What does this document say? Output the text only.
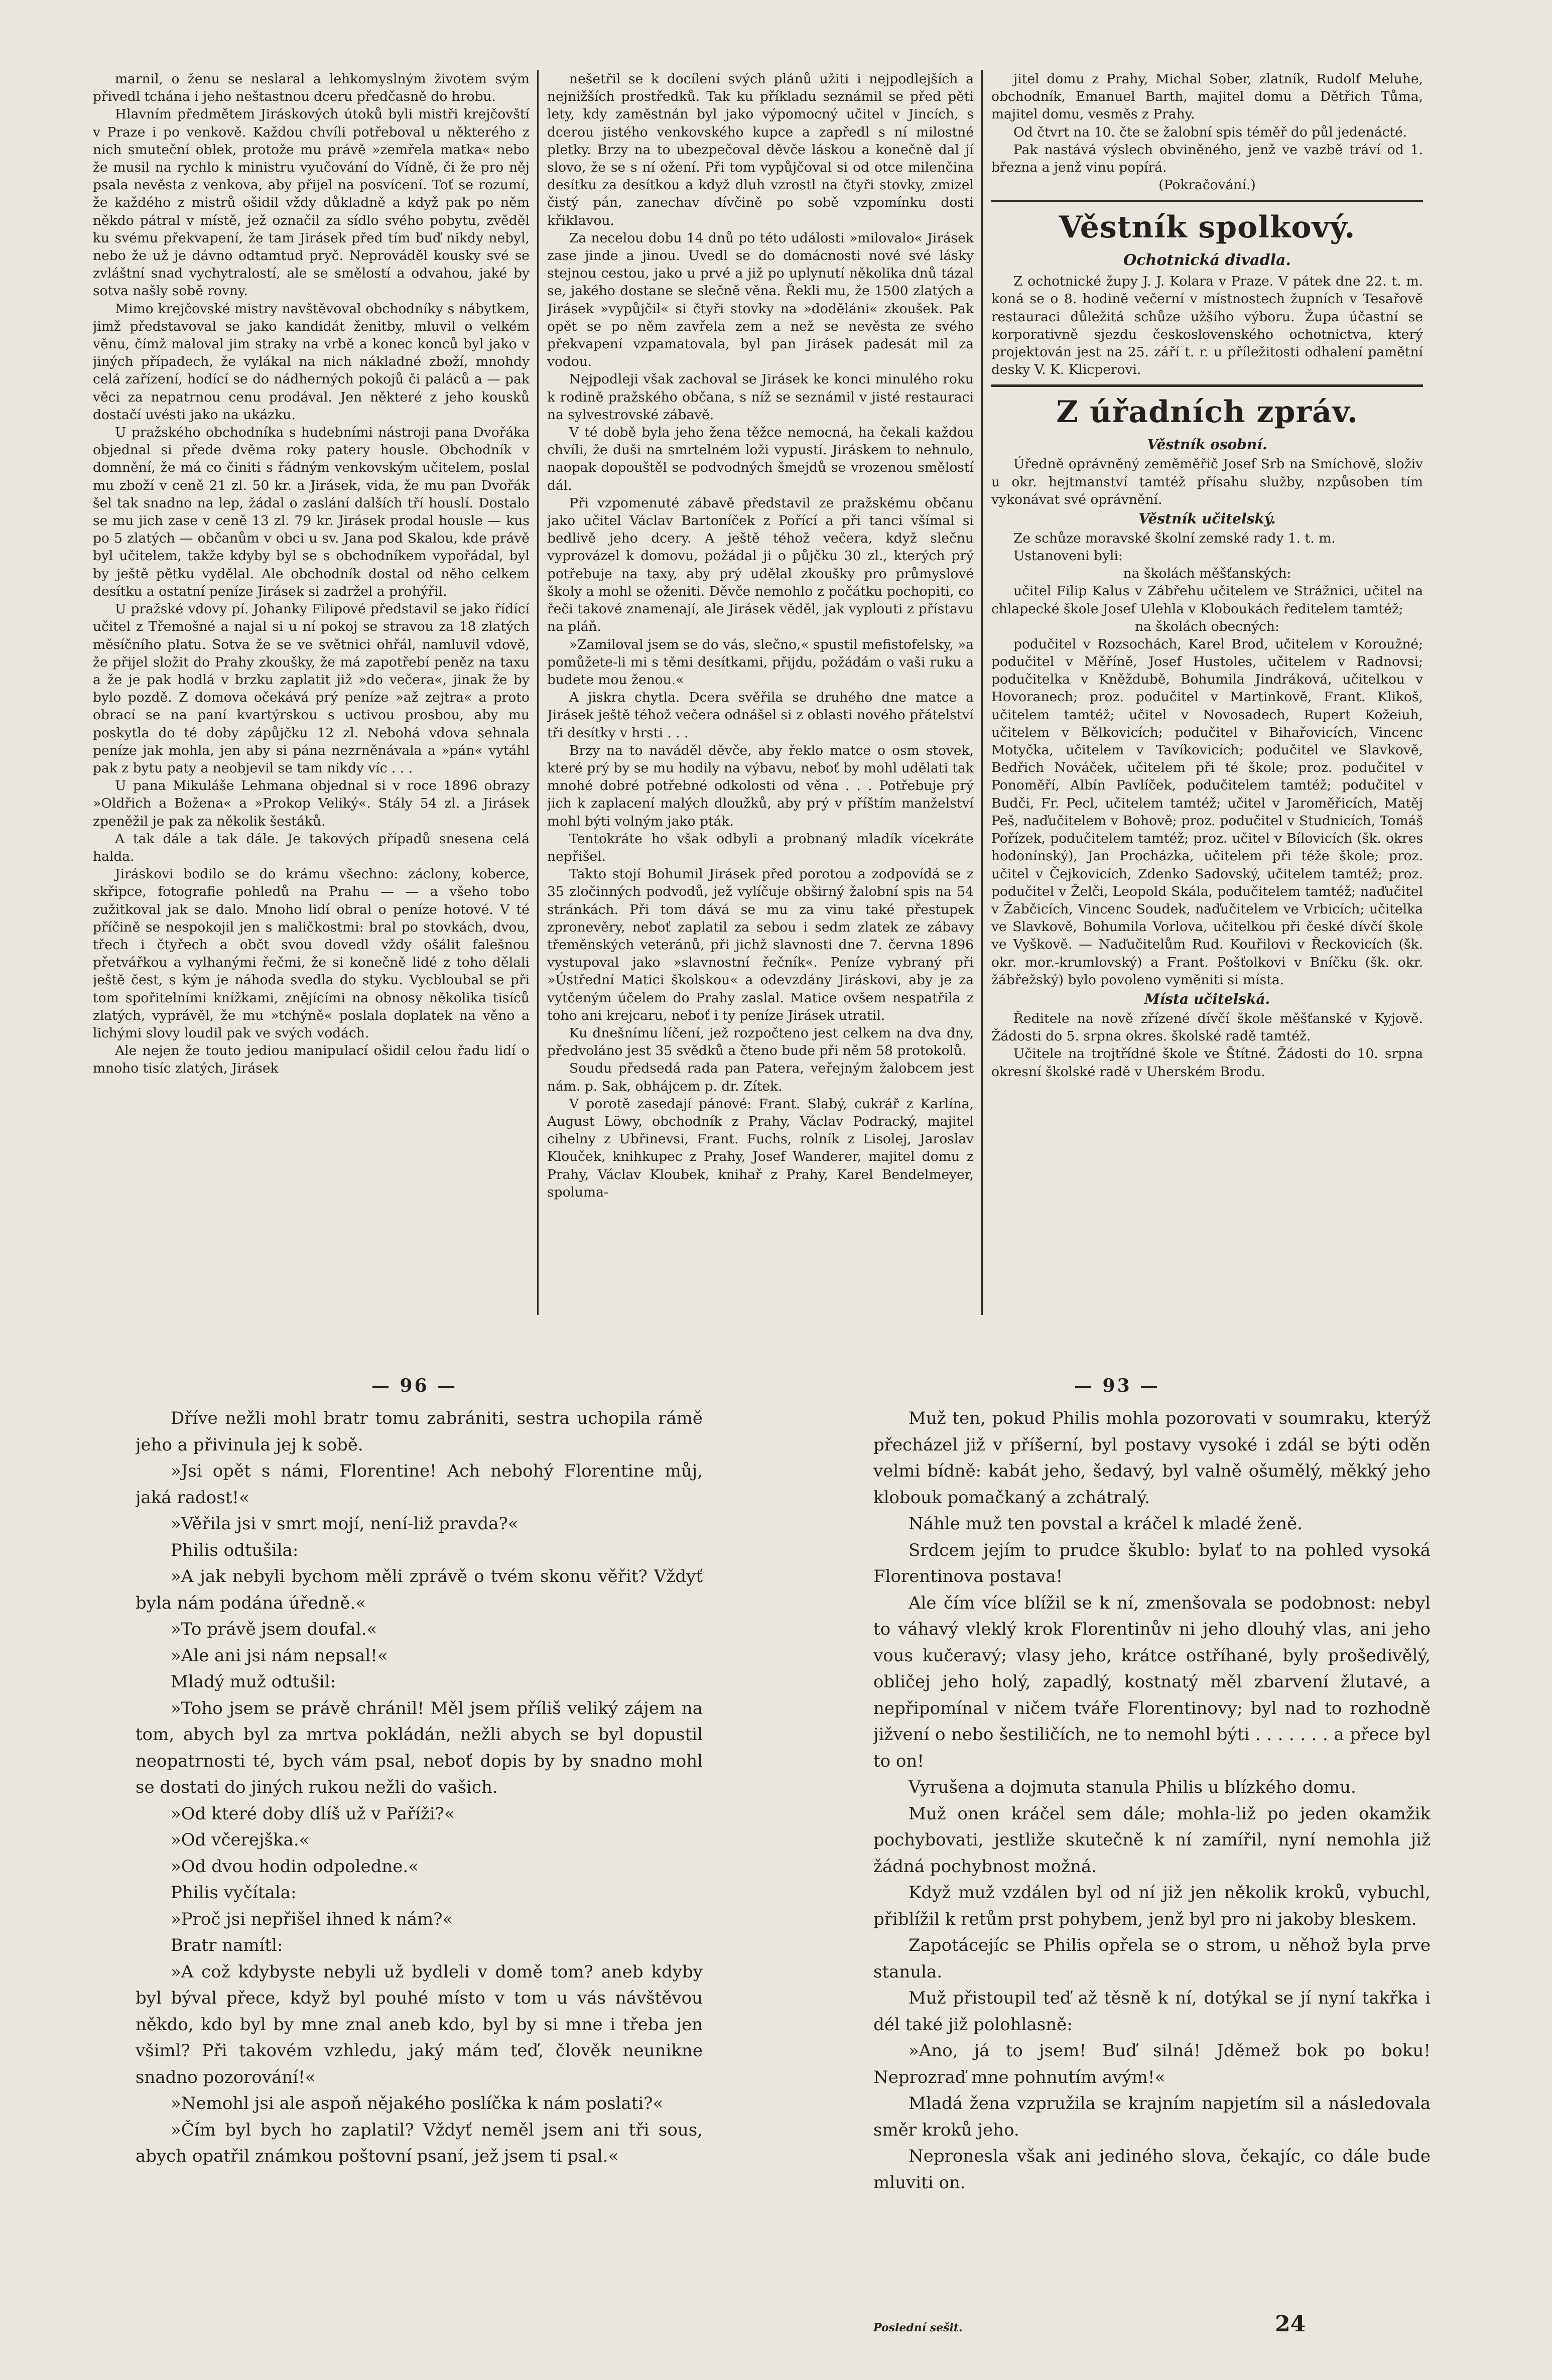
marnil, o ženu se neslaral a lehkomyslným životem svým přivedl tchána i jeho neštastnou dceru předčasně do hrobu.

Hlavním předmětem Jiráskových útoků byli mistři krejčovští v Praze i po venkově. Každou chvíli potřeboval u některého z nich smuteční oblek, protože mu právě »zemřela matka« nebo že musil na rychlo k ministru vyučování do Vídně, či že pro něj psala nevěsta z venkova, aby přijel na posvícení. Toť se rozumí, že každého z mistrů ošidil vždy důkladně a když pak po něm někdo pátral v místě, jež označil za sídlo svého pobytu, zvěděl ku svému překvapení, že tam Jirásek před tím buď nikdy nebyl, nebo že už je dávno odtamtud pryč. Neprováděl kousky své se zvláštní snad vychytralostí, ale se smělostí a odvahou, jaké by sotva našly sobě rovny.

Mimo krejčovské mistry navštěvoval obchodníky s nábytkem, jimž představoval se jako kandidát ženitby, mluvil o velkém věnu, čímž maloval jim straky na vrbě a konec konců byl jako v jiných případech, že vylákal na nich nákladné zboží, mnohdy celá zařízení, hodící se do nádherných pokojů či paláců a — pak věci za nepatrnou cenu prodával. Jen některé z jeho kousků dostačí uvésti jako na ukázku.

U pražského obchodníka s hudebními nástroji pana Dvořáka objednal si přede dvěma roky patery housle. Obchodník v domnění, že má co činiti s řádným venkovským učitelem, poslal mu zboží v ceně 21 zl. 50 kr. a Jirásek, vida, že mu pan Dvořák šel tak snadno na lep, žádal o zaslání dalších tří houslí. Dostalo se mu jich zase v ceně 13 zl. 79 kr. Jirásek prodal housle — kus po 5 zlatých — občanům v obci u sv. Jana pod Skalou, kde právě byl učitelem, takže kdyby byl se s obchodníkem vypořádal, byl by ještě pětku vydělal. Ale obchodník dostal od něho celkem desítku a ostatní peníze Jirásek si zadržel a prohýřil.

U pražské vdovy pí. Johanky Filipové představil se jako řídící učitel z Třemošné a najal si u ní pokoj se stravou za 18 zlatých měsíčního platu. Sotva že se ve světnici ohřál, namluvil vdově, že přijel složit do Prahy zkoušky, že má zapotřebí peněz na taxu a že je pak hodlá v brzku zaplatit již »do večera«, jinak že by bylo pozdě. Z domova očekává prý peníze »až zejtra« a proto obrací se na paní kvartýrskou s uctivou prosbou, aby mu poskytla do té doby zápůjčku 12 zl. Nebohá vdova sehnala peníze jak mohla, jen aby si pána nezrněnávala a »pán« vytáhl pak z bytu paty a neobjevil se tam nikdy víc . . .

U pana Mikuláše Lehmana objednal si v roce 1896 obrazy »Oldřich a Božena« a »Prokop Veliký«. Stály 54 zl. a Jirásek zpeněžil je pak za několik šestáků.

A tak dále a tak dále. Je takových případů snesena celá halda.

Jiráskovi bodilo se do krámu všechno: záclony, koberce, skřipce, fotografie pohledů na Prahu — — a všeho tobo zužitkoval jak se dalo. Mnoho lidí obral o peníze hotové. V té příčině se nespokojil jen s maličkostmi: bral po stovkách, dvou, třech i čtyřech a občt svou dovedl vždy ošálit falešnou přetvářkou a vylhanými řečmi, že si konečně lidé z toho dělali ještě čest, s kým je náhoda svedla do styku. Vycbloubal se při tom spořitelními knížkami, znějícími na obnosy několika tisíců zlatých, vyprávěl, že mu »tchýně« poslala doplatek na věno a lichými slovy loudil pak ve svých vodách.

Ale nejen že touto jediou manipulací ošidil celou řadu lidí o mnoho tisíc zlatých, Jirásek

nešetřil se k docílení svých plánů užiti i nejpodlejších a nejnižších prostředků. Tak ku příkladu seznámil se před pěti lety, kdy zaměstnán byl jako výpomocný učitel v Jincích, s dcerou jistého venkovského kupce a zapředl s ní milostné pletky. Brzy na to ubezpečoval děvče láskou a konečně dal jí slovo, že se s ní ožení. Při tom vypůjčoval si od otce milenčina desítku za desítkou a když dluh vzrostl na čtyři stovky, zmizel čistý pán, zanechav dívčině po sobě vzpomínku dosti křiklavou.

Za necelou dobu 14 dnů po této události »milovalo« Jirásek zase jinde a jinou. Uvedl se do domácnosti nové své lásky stejnou cestou, jako u prvé a již po uplynutí několika dnů tázal se, jakého dostane se slečně věna. Řekli mu, že 1500 zlatých a Jirásek »vypůjčil« si čtyři stovky na »doděláni« zkoušek. Pak opět se po něm zavřela zem a než se nevěsta ze svého překvapení vzpamatovala, byl pan Jirásek padesát mil za vodou.

Nejpodleji však zachoval se Jirásek ke konci minulého roku k rodině pražského občana, s níž se seznámil v jisté restauraci na sylvestrovské zábavě.

V té době byla jeho žena těžce nemocná, ha čekali každou chvíli, že duši na smrtelném loži vypustí. Jiráskem to nehnulo, naopak dopouštěl se podvodných šmejdů se vrozenou smělostí dál.

Při vzpomenuté zábavě představil ze pražskému občanu jako učitel Václav Bartoníček z Pořící a při tanci všímal si bedlivě jeho dcery. A ještě téhož večera, když slečnu vyprovázel k domovu, požádal ji o půjčku 30 zl., kterých prý potřebuje na taxy, aby prý udělal zkoušky pro průmyslové školy a mohl se oženiti. Děvče nemohlo z počátku pochopiti, co řeči takové znamenají, ale Jirásek věděl, jak vyplouti z přístavu na pláň.

»Zamiloval jsem se do vás, slečno,« spustil mefistofelsky, »a pomůžete-li mi s těmi desítkami, přijdu, požádám o vaši ruku a budete mou ženou.«

A jiskra chytla. Dcera svěřila se druhého dne matce a Jirásek ještě téhož večera odnášel si z oblasti nového přátelství tři desítky v hrsti . . .

Brzy na to naváděl děvče, aby řeklo matce o osm stovek, které prý by se mu hodily na výbavu, neboť by mohl udělati tak mnohé dobré potřebné odkolosti od věna . . . Potřebuje prý jich k zaplacení malých dloužků, aby prý v příštím manželství mohl býti volným jako pták.

Tentokráte ho však odbyli a probnaný mladík vícekráte nepřišel.

Takto stojí Bohumil Jirásek před porotou a zodpovídá se z 35 zločinných podvodů, jež vylíčuje obširný žalobní spis na 54 stránkách. Při tom dává se mu za vinu také přestupek zpronevěry, neboť zaplatil za sebou i sedm zlatek ze zábavy třeměnských veteránů, při jichž slavnosti dne 7. června 1896 vystupoval jako »slavnostní řečník«. Peníze vybraný při »Ústřední Matici školskou« a odevzdány Jiráskovi, aby je za vytčeným účelem do Prahy zaslal. Matice ovšem nespatřila z toho ani krejcaru, neboť i ty peníze Jirásek utratil.

Ku dnešnímu líčení, jež rozpočteno jest celkem na dva dny, předvoláno jest 35 svědků a čteno bude při něm 58 protokolů.

Soudu předsedá rada pan Patera, veřejným žalobcem jest nám. p. Sak, obhájcem p. dr. Zítek.

V porotě zasedají pánové: Frant. Slabý, cukrář z Karlína, August Löwy, obchodník z Prahy, Václav Podracký, majitel cihelny z Ubřinevsi, Frant. Fuchs, rolník z Lisolej, Jaroslav Klouček, knihkupec z Prahy, Josef Wanderer, majitel domu z Prahy, Václav Kloubek, knihař z Prahy, Karel Bendelmeyer, spoluma-

jitel domu z Prahy, Michal Sober, zlatník, Rudolf Meluhe, obchodník, Emanuel Barth, majitel domu a Dětřich Tůma, majitel domu, vesměs z Prahy.

Od čtvrt na 10. čte se žalobní spis téměř do půl jedenácté.

Pak nastává výslech obviněného, jenž ve vazbě tráví od 1. března a jenž vinu popírá.

(Pokračování.)

Věstník spolkový.
Ochotnická divadla.

Z ochotnické župy J. J. Kolara v Praze. V pátek dne 22. t. m. koná se o 8. hodině večerní v místnostech župních v Tesařově restauraci důležitá schůze užšího výboru. Župa účastní se korporativně sjezdu československého ochotnictva, který projektován jest na 25. září t. r. u příležitosti odhalení pamětní desky V. K. Klicperovi.

Z úřadních zpráv.
Věstník osobní.

Úředně oprávněný zeměměřič Josef Srb na Smíchově, složiv u okr. hejtmanství tamtéž přísahu služby, nzpůsoben tím vykonávat své oprávnění.

Věstník učitelský.

Ze schůze moravské školní zemské rady 1. t. m.

Ustanoveni byli:

na školách měšťanských:

učitel Filip Kalus v Zábřehu učitelem ve Strážnici, učitel na chlapecké škole Josef Ulehla v Kloboukách ředitelem tamtéž;

na školách obecných:

podučitel v Rozsochách, Karel Brod, učitelem v Koroužné; podučitel v Měříně, Josef Hustoles, učitelem v Radnovsi; podučitelka v Kněždubě, Bohumila Jindráková, učitelkou v Hovoranech; proz. podučitel v Martinkově, Frant. Klikoš, učitelem tamtéž; učitel v Novosadech, Rupert Kožeiuh, učitelem v Bělkovicích; podučitel v Bihařovicích, Vincenc Motyčka, učitelem v Tavíkovicích; podučitel ve Slavkově, Bedřich Nováček, učitelem při té škole; proz. podučitel v Ponoměří, Albín Pavlíček, podučitelem tamtéž; podučitel v Budči, Fr. Pecl, učitelem tamtéž; učitel v Jaroměřicích, Matěj Peš, naďučitelem v Bohově; proz. podučitel v Studnicích, Tomáš Pořízek, podučitelem tamtéž; proz. učitel v Bílovicích (šk. okres hodonínský), Jan Procházka, učitelem při téže škole; proz. učitel v Čejkovicích, Zdenko Sadovský, učitelem tamtéž; proz. podučitel v Želči, Leopold Skála, podučitelem tamtéž; naďučitel v Žabčicích, Vincenc Soudek, naďučitelem ve Vrbicích; učitelka ve Slavkově, Bohumila Vorlova, učitelkou při české dívčí škole ve Vyškově. — Naďučitelům Rud. Kouřilovi v Řeckovicích (šk. okr. mor.-krumlovský) a Frant. Pošťolkovi v Bníčku (šk. okr. žábřežský) bylo povoleno vyměniti si místa.

Místa učitelská.

Ředitele na nově zřízené dívčí škole měšťanské v Kyjově. Žádosti do 5. srpna okres. školské radě tamtéž.

Učitele na trojtřídné škole ve Štítné. Žádosti do 10. srpna okresní školské radě v Uherském Brodu.

— 96 —	— 93 —

Dříve nežli mohl bratr tomu zabrániti, sestra uchopila rámě jeho a přivinula jej k sobě.

»Jsi opět s námi, Florentine! Ach nebohý Florentine můj, jaká radost!«

»Věřila jsi v smrt mojí, není-liž pravda?«

Philis odtušila:

»A jak nebyli bychom měli zprávě o tvém skonu věřit? Vždyť byla nám podána úředně.«

»To právě jsem doufal.«

»Ale ani jsi nám nepsal!«

Mladý muž odtušil:

»Toho jsem se právě chránil! Měl jsem příliš veliký zájem na tom, abych byl za mrtva pokládán, nežli abych se byl dopustil neopatrnosti té, bych vám psal, neboť dopis by by snadno mohl se dostati do jiných rukou nežli do vašich.

»Od které doby dlíš už v Paříži?«

»Od včerejška.«

»Od dvou hodin odpoledne.«

Philis vyčítala:

»Proč jsi nepřišel ihned k nám?«

Bratr namítl:

»A což kdybyste nebyli už bydleli v domě tom? aneb kdyby byl býval přece, když byl pouhé místo v tom u vás návštěvou někdo, kdo byl by mne znal aneb kdo, byl by si mne i třeba jen všiml? Při takovém vzhledu, jaký mám teď, člověk neunikne snadno pozorování!«

»Nemohl jsi ale aspoň nějakého poslíčka k nám poslati?«

»Čím byl bych ho zaplatil? Vždyť neměl jsem ani tři sous, abych opatřil známkou poštovní psaní, jež jsem ti psal.«

Muž ten, pokud Philis mohla pozorovati v soumraku, kterýž přecházel již v příšerní, byl postavy vysoké i zdál se býti oděn velmi bídně: kabát jeho, šedavý, byl valně ošumělý, měkký jeho klobouk pomačkaný a zchátralý.

Náhle muž ten povstal a kráčel k mladé ženě.

Srdcem jejím to prudce škublo: bylať to na pohled vysoká Florentinova postava!

Ale čím více blížil se k ní, zmenšovala se podobnost: nebyl to váhavý vleklý krok Florentinův ni jeho dlouhý vlas, ani jeho vous kučeravý; vlasy jeho, krátce ostříhané, byly prošedivělý, obličej jeho holý, zapadlý, kostnatý měl zbarvení žlutavé, a nepřipomínal v ničem tváře Florentinovy; byl nad to rozhodně jižvení o nebo šestiličích, ne to nemohl býti . . . . . . . a přece byl to on!

Vyrušena a dojmuta stanula Philis u blízkého domu.

Muž onen kráčel sem dále; mohla-liž po jeden okamžik pochybovati, jestliže skutečně k ní zamířil, nyní nemohla již žádná pochybnost možná.

Když muž vzdálen byl od ní již jen několik kroků, vybuchl, přiblížil k retům prst pohybem, jenž byl pro ni jakoby bleskem.

Zapotácejíc se Philis opřela se o strom, u něhož byla prve stanula.

Muž přistoupil teď až těsně k ní, dotýkal se jí nyní takřka i dél také již polohlasně:

»Ano, já to jsem! Buď silná! Jděmež bok po boku! Neprozraď mne pohnutím avým!«

Mladá žena vzpružila se krajním napjetím sil a následovala směr kroků jeho.

Nepronesla však ani jediného slova, čekajíc, co dále bude mluviti on.

Poslední sešit.	24
